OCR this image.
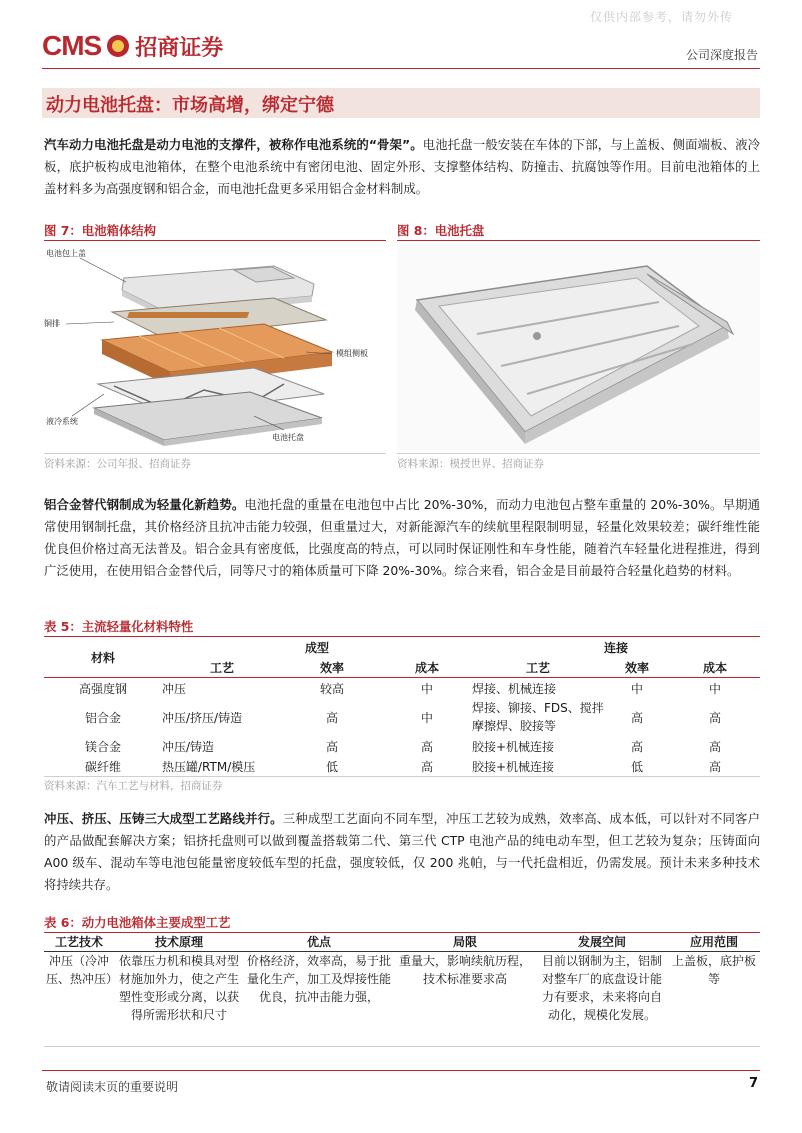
仅供内部参考，请勿外传
CMS 招商证券	公司深度报告
动力电池托盘：市场高增，绑定宁德
汽车动力电池托盘是动力电池的支撑件，被称作电池系统的“骨架”。电池托盘一般安装在车体的下部，与上盖板、侧面端板、液冷板，底护板构成电池箱体，在整个电池系统中有密闭电池、固定外形、支撑整体结构、防撞击、抗腐蚀等作用。目前电池箱体的上盖材料多为高强度钢和铝合金，而电池托盘更多采用铝合金材料制成。
图 7：电池箱体结构
电池包上盖
铜排
模组侧板
液冷系统
电池托盘
资料来源：公司年报、招商证券
图 8：电池托盘
资料来源：模授世界、招商证券
铝合金替代钢制成为轻量化新趋势。电池托盘的重量在电池包中占比 20%-30%，而动力电池包占整车重量的 20%-30%。早期通常使用钢制托盘，其价格经济且抗冲击能力较强，但重量过大，对新能源汽车的续航里程限制明显，轻量化效果较差；碳纤维性能优良但价格过高无法普及。铝合金具有密度低，比强度高的特点，可以同时保证刚性和车身性能，随着汽车轻量化进程推进，得到广泛使用，在使用铝合金替代后，同等尺寸的箱体质量可下降 20%-30%。综合来看，铝合金是目前最符合轻量化趋势的材料。
表 5：主流轻量化材料特性
材料	成型			连接		
	工艺	效率	成本	工艺	效率	成本
高强度钢	冲压	较高	中	焊接、机械连接	中	中
铝合金	冲压/挤压/铸造	高	中	焊接、铆接、FDS、搅拌摩擦焊、胶接等	高	高
镁合金	冲压/铸造	高	高	胶接+机械连接	高	高
碳纤维	热压罐/RTM/模压	低	高	胶接+机械连接	低	高
资料来源：汽车工艺与材料，招商证券
冲压、挤压、压铸三大成型工艺路线并行。三种成型工艺面向不同车型，冲压工艺较为成熟，效率高、成本低，可以针对不同客户的产品做配套解决方案；铝挤托盘则可以做到覆盖搭载第二代、第三代 CTP 电池产品的纯电动车型，但工艺较为复杂；压铸面向 A00 级车、混动车等电池包能量密度较低车型的托盘，强度较低，仅 200 兆帕，与一代托盘相近，仍需发展。预计未来多种技术将持续共存。
表 6：动力电池箱体主要成型工艺
工艺技术	技术原理	优点	局限	发展空间	应用范围
冲压（冷冲压、热冲压）	依靠压力机和模具对型材施加外力，使之产生塑性变形或分离，以获得所需形状和尺寸	价格经济，效率高，易于批量化生产，加工及焊接性能优良，抗冲击能力强，	重量大，影响续航历程，技术标准要求高	目前以钢制为主，铝制对整车厂的底盘设计能力有要求，未来将向自动化，规模化发展。	上盖板，底护板等
敬请阅读末页的重要说明	7
